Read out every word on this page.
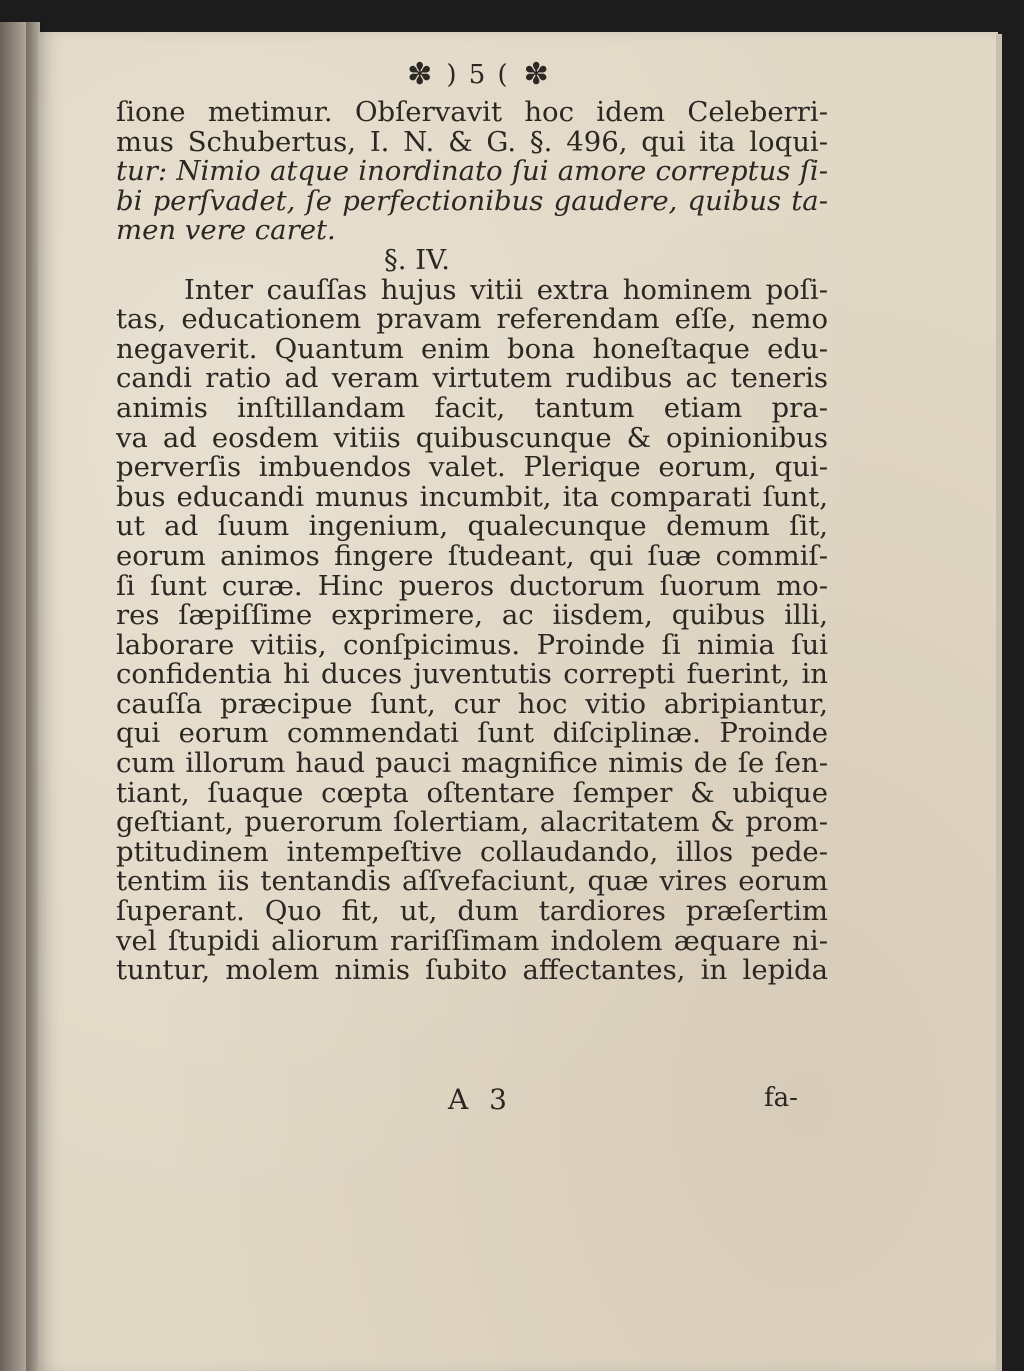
✽ ) 5 ( ✽
ſione metimur. Obſervavit hoc idem Celeberri-
mus Schubertus, I. N. & G. §. 496, qui ita loqui-
tur: Nimio atque inordinato ſui amore correptus ſi-
bi perſvadet, ſe perfectionibus gaudere, quibus ta-
men vere caret.
§. IV.
Inter cauſſas hujus vitii extra hominem poſi-
tas, educationem pravam referendam eſſe, nemo
negaverit. Quantum enim bona honeſtaque edu-
candi ratio ad veram virtutem rudibus ac teneris
animis inſtillandam facit, tantum etiam pra-
va ad eosdem vitiis quibuscunque & opinionibus
perverſis imbuendos valet. Plerique eorum, qui-
bus educandi munus incumbit, ita comparati ſunt,
ut ad ſuum ingenium, qualecunque demum ſit,
eorum animos fingere ſtudeant, qui ſuæ commiſ-
ſi ſunt curæ. Hinc pueros ductorum ſuorum mo-
res ſæpiſſime exprimere, ac iisdem, quibus illi,
laborare vitiis, conſpicimus. Proinde ſi nimia ſui
confidentia hi duces juventutis correpti fuerint, in
cauſſa præcipue ſunt, cur hoc vitio abripiantur,
qui eorum commendati ſunt diſciplinæ. Proinde
cum illorum haud pauci magnifice nimis de ſe ſen-
tiant, ſuaque cœpta oſtentare ſemper & ubique
geſtiant, puerorum ſolertiam, alacritatem & prom-
ptitudinem intempeſtive collaudando, illos pede-
tentim iis tentandis aſſvefaciunt, quæ vires eorum
ſuperant. Quo fit, ut, dum tardiores præſertim
vel ſtupidi aliorum rariſſimam indolem æquare ni-
tuntur, molem nimis ſubito affectantes, in lepida
A 3	fa-
